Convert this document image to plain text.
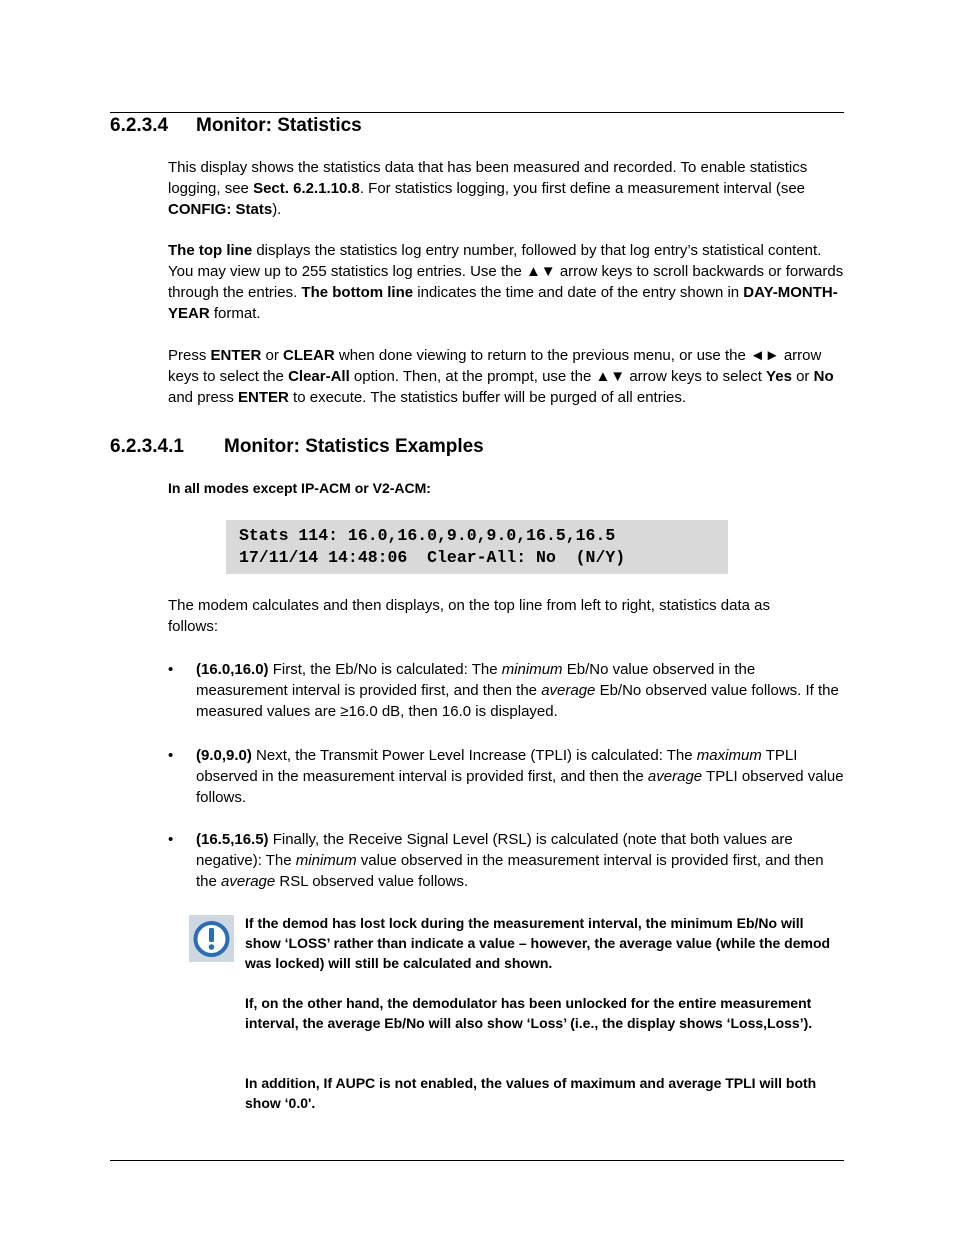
6.2.3.4 Monitor: Statistics
This display shows the statistics data that has been measured and recorded. To enable statistics logging, see Sect. 6.2.1.10.8. For statistics logging, you first define a measurement interval (see CONFIG: Stats).
The top line displays the statistics log entry number, followed by that log entry’s statistical content. You may view up to 255 statistics log entries. Use the ▲▼ arrow keys to scroll backwards or forwards through the entries. The bottom line indicates the time and date of the entry shown in DAY-MONTH-YEAR format.
Press ENTER or CLEAR when done viewing to return to the previous menu, or use the ◄► arrow keys to select the Clear-All option. Then, at the prompt, use the ▲▼ arrow keys to select Yes or No and press ENTER to execute. The statistics buffer will be purged of all entries.
6.2.3.4.1 Monitor: Statistics Examples
In all modes except IP-ACM or V2-ACM:
Stats 114: 16.0,16.0,9.0,9.0,16.5,16.5
17/11/14 14:48:06  Clear-All: No  (N/Y)
The modem calculates and then displays, on the top line from left to right, statistics data as follows:
• (16.0,16.0) First, the Eb/No is calculated: The minimum Eb/No value observed in the measurement interval is provided first, and then the average Eb/No observed value follows. If the measured values are ≥16.0 dB, then 16.0 is displayed.
• (9.0,9.0) Next, the Transmit Power Level Increase (TPLI) is calculated: The maximum TPLI observed in the measurement interval is provided first, and then the average TPLI observed value follows.
• (16.5,16.5) Finally, the Receive Signal Level (RSL) is calculated (note that both values are negative): The minimum value observed in the measurement interval is provided first, and then the average RSL observed value follows.
If the demod has lost lock during the measurement interval, the minimum Eb/No will show ‘LOSS’ rather than indicate a value – however, the average value (while the demod was locked) will still be calculated and shown.
If, on the other hand, the demodulator has been unlocked for the entire measurement interval, the average Eb/No will also show ‘Loss’ (i.e., the display shows ‘Loss,Loss’).
In addition, If AUPC is not enabled, the values of maximum and average TPLI will both show ‘0.0'.
